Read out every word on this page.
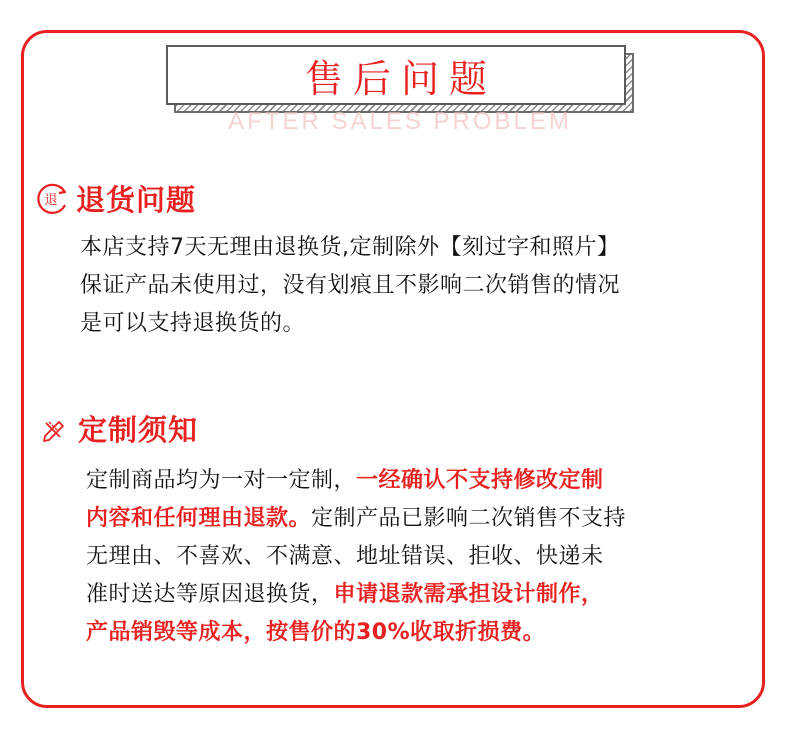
售后问题
AFTER SALES PROBLEM
退 退货问题
本店支持7天无理由退换货,定制除外【刻过字和照片】
保证产品未使用过，没有划痕且不影响二次销售的情况
是可以支持退换货的。
定制须知
定制商品均为一对一定制，一经确认不支持修改定制
内容和任何理由退款。定制产品已影响二次销售不支持
无理由、不喜欢、不满意、地址错误、拒收、快递未
准时送达等原因退换货，申请退款需承担设计制作，
产品销毁等成本，按售价的30%收取折损费。
